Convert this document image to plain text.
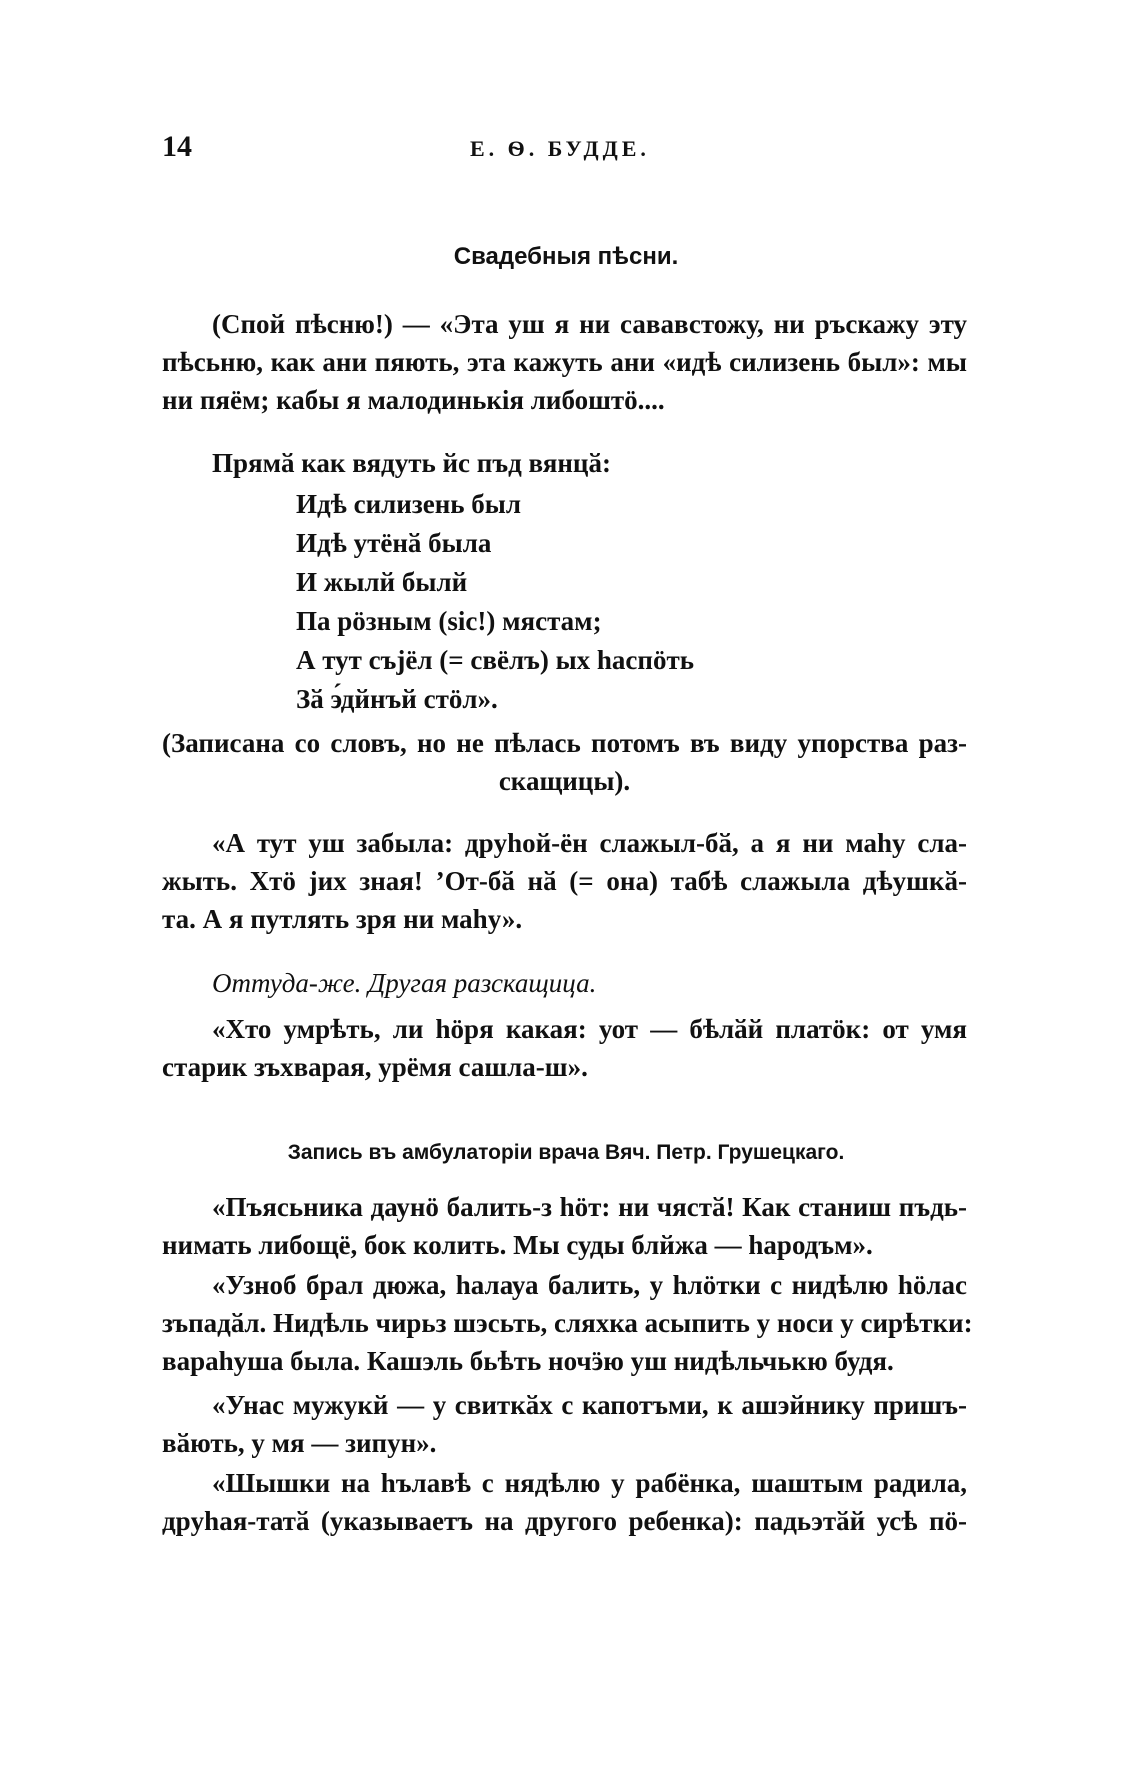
14	Е. Ѳ. БУДДЕ.
Свадебныя пѣсни.
(Спой пѣсню!) — «Эта уш я ни сававстожу, ни ръскажу эту
пѣсьню, как ани пяють, эта кажуть ани «идѣ силизень был»: мы
ни пяём; кабы я малодинькія либоштӧ....
Прямӑ как вядуть йс пъд вянцӑ:
Идѣ силизень был
Идѣ утёнӑ была
И жылй былй
Па рӧзным (sic!) мястам;
А тут съјёл (= свёлъ) ых hаспӧть
Зӑ э́дйнъй стӧл».
(Записана со словъ, но не пѣлась потомъ въ виду упорства раз-
скащицы).
«А тут уш забыла: дрyhой-ён слажыл-бӑ, а я ни маhу сла-
жыть. Хтӧ јих зная! ’От-бӑ нӑ (= она) табѣ слажыла дѣушкӑ-
та. А я путлять зря ни маhу».
Оттуда-же. Другая разскащица.
«Хто умрѣть, ли hӧря какая: уот — бѣлӑй платӧк: от умя
старик зъхварая, урёмя сашла-ш».
Запись въ амбулаторіи врача Вяч. Петр. Грушецкаго.
«Пъясьника даунӧ балить-з hӧт: ни чястӑ! Как станиш пъдь-
нимать либощё, бок колить. Мы суды блйжа — hародъм».
«Узноб брал дюжа, hалауа балить, у hлӧтки с нидѣлю hӧлас
зъпадӑл. Нидѣль чирьз шэсьть, сляхка асыпить у носи у сирѣтки:
варahуша была. Кашэль бьѣть ночӭю уш нидѣльчькю будя.
«Унас мужукй — у свиткӑх с капотъми, к ашэйнику пришъ-
вӑють, у мя — зипун».
«Шышки на hълавѣ с нядѣлю у рабёнка, шаштым радила,
дрyhая-татӑ (указываетъ на другого ребенка): падьэтӑй усѣ пӧ-
